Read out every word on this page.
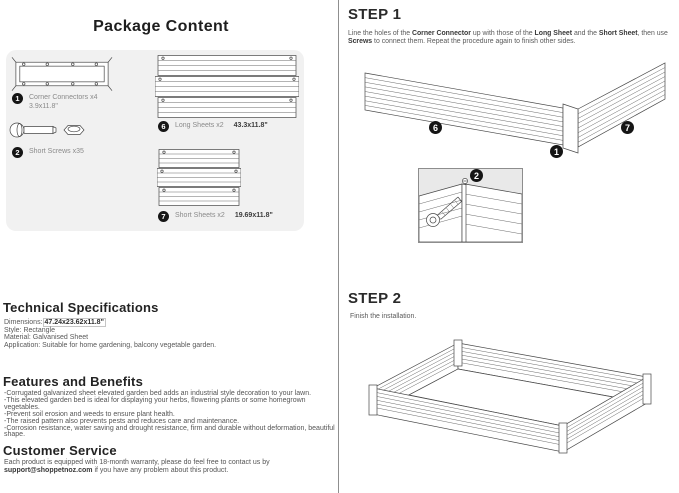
Package Content
1	Corner Connectors x4
3.9x11.8"
2	Short Screws x35
6	Long Sheets x2 43.3x11.8"
7	Short Sheets x2 19.69x11.8"
Technical Specifications
Dimensions: 47.24x23.62x11.8"
Style: Rectangle
Material: Galvanised Sheet
Application: Suitable for home gardening, balcony vegetable garden.
Features and Benefits
-Corrugated galvanized sheet elevated garden bed adds an industrial style decoration to your lawn.
-This elevated garden bed is ideal for displaying your herbs, flowering plants or some homegrown vegetables.
-Prevent soil erosion and weeds to ensure plant health.
-The raised pattern also prevents pests and reduces care and maintenance.
-Corrosion resistance, water saving and drought resistance, firm and durable without deformation, beautiful shape.
Customer Service
Each product is equipped with 18-month warranty, please do feel free to contact us by support@shoppetnoz.com if you have any problem about this product.
STEP 1
Line the holes of the Corner Connector up with those of the Long Sheet and the Short Sheet, then use Screws to connect them. Repeat the procedure again to finish other sides.
6
1
7
2
STEP 2
Finish the installation.
